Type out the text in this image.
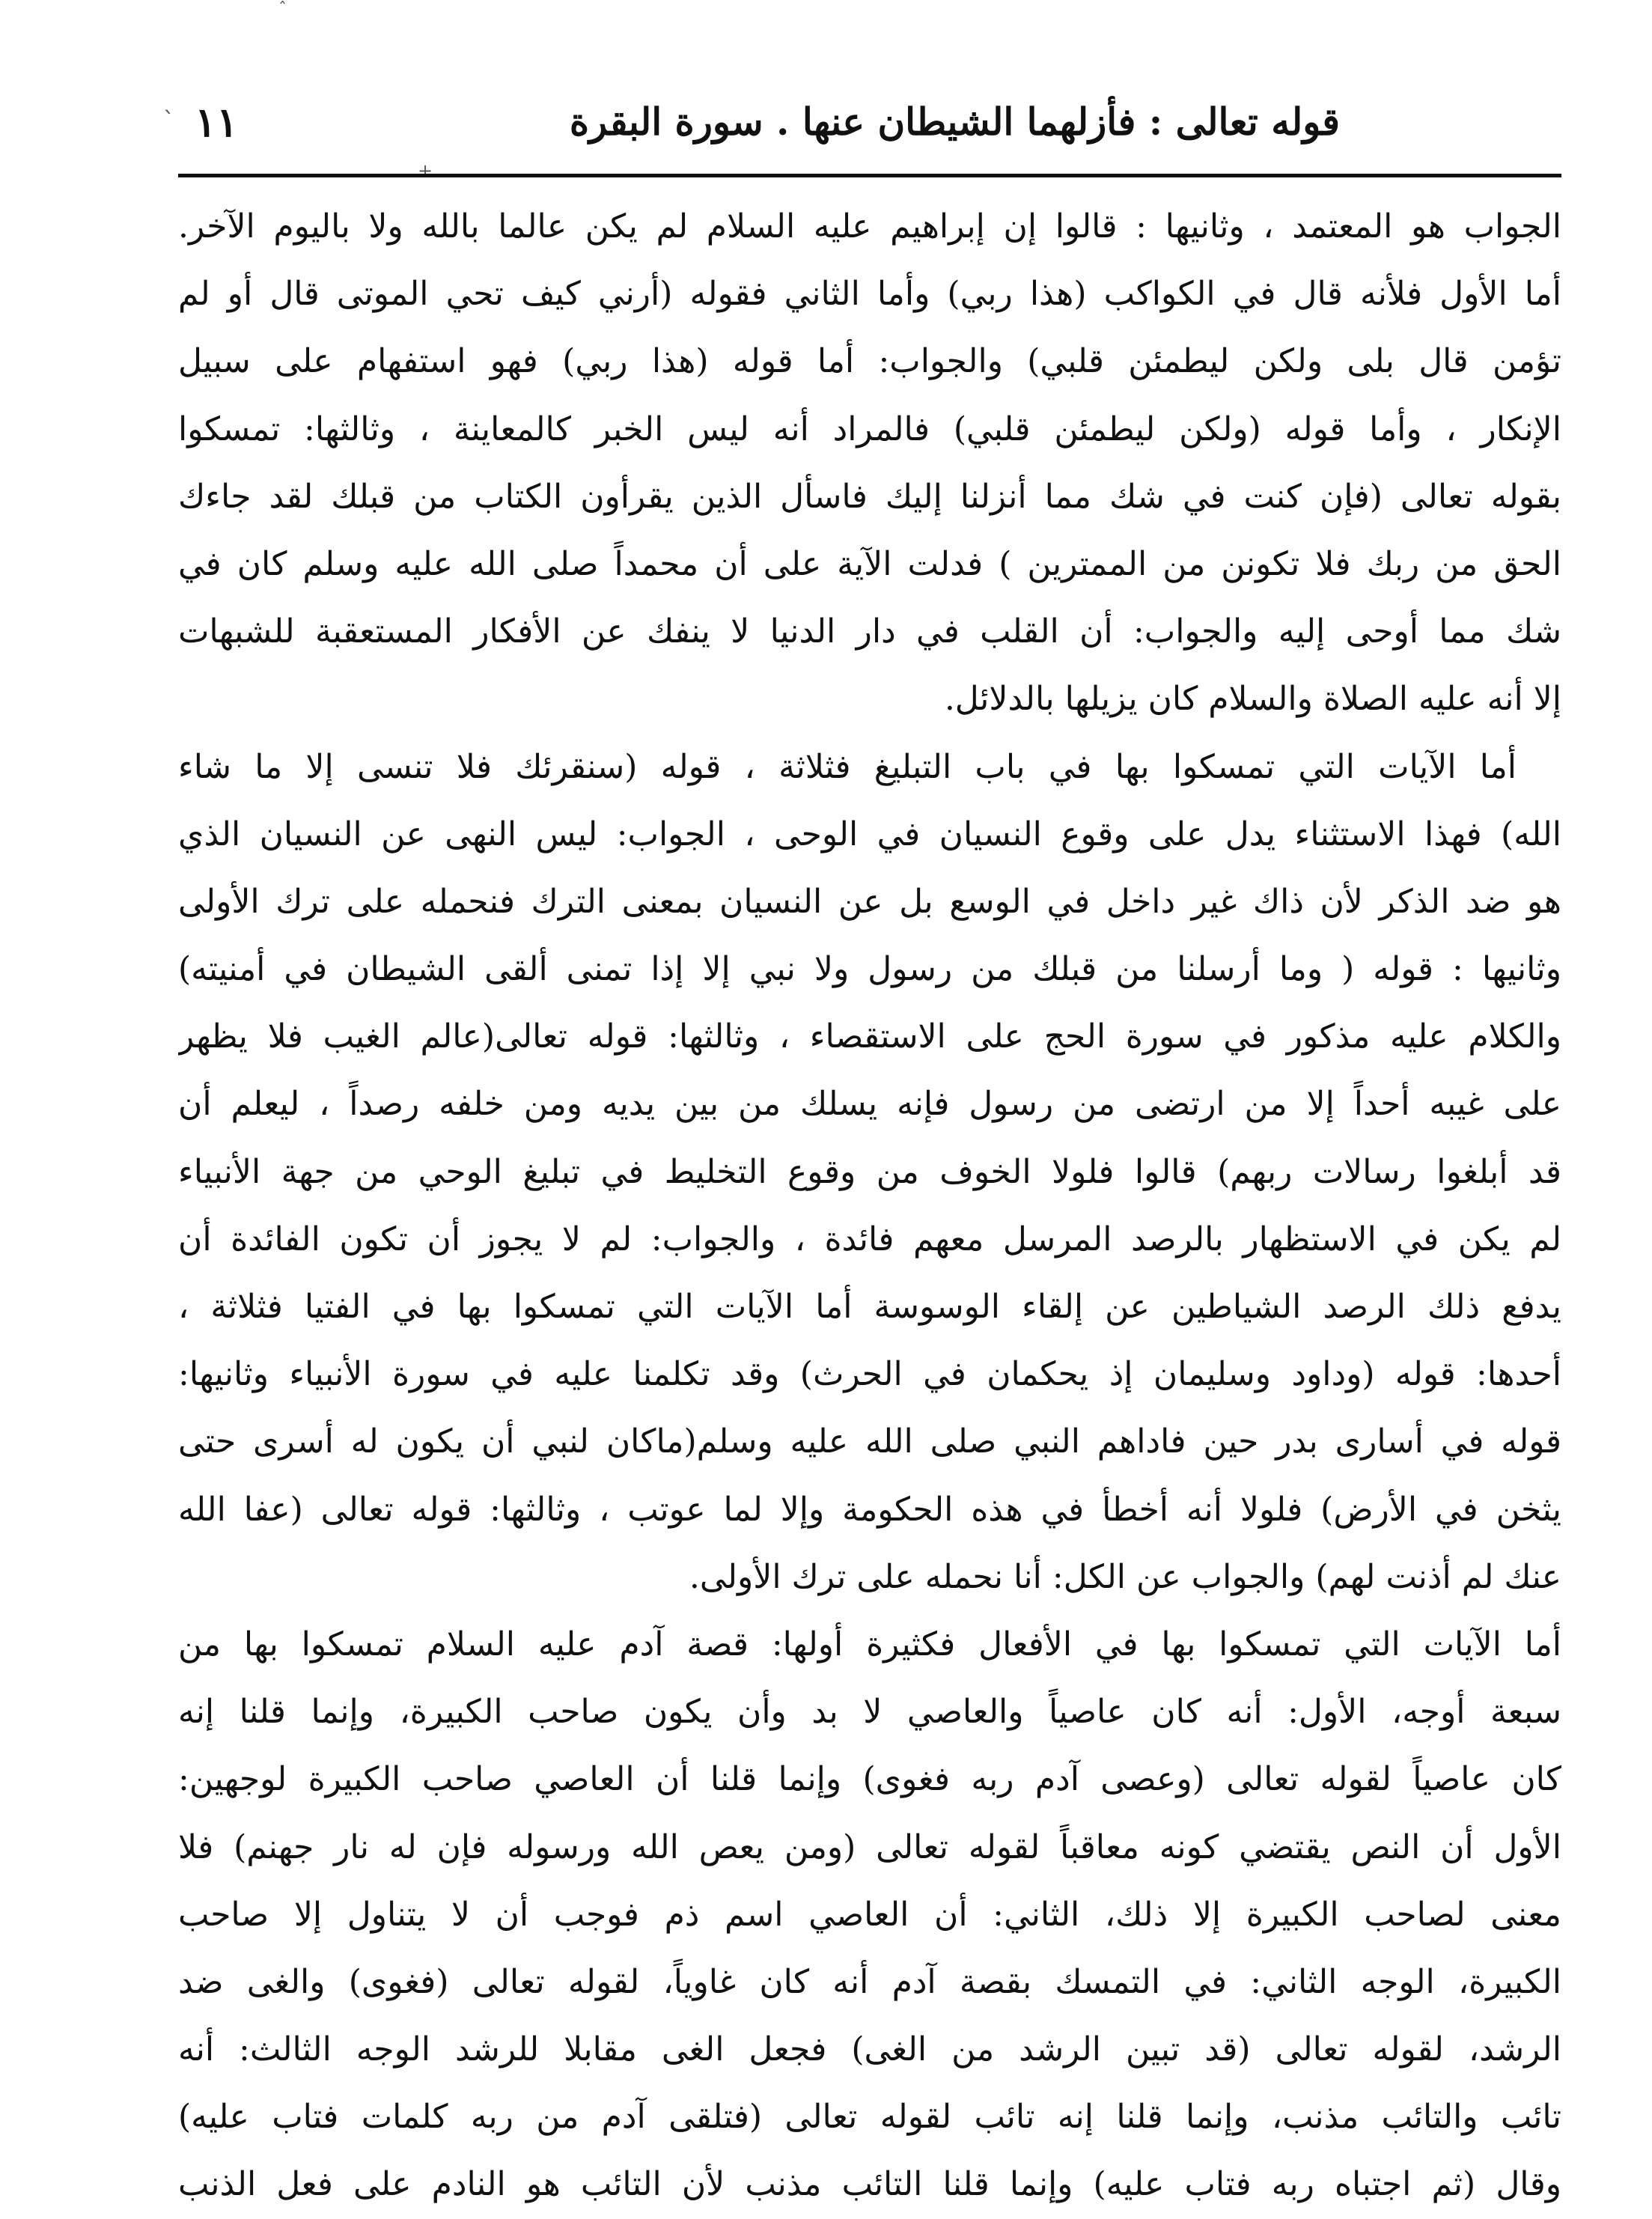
ˆ
ˎ
+
قوله تعالى : فأزلهما الشيطان عنها . سورة البقرة
١١
الجواب هو المعتمد ، وثانيها : قالوا إن إبراهيم عليه السلام لم يكن عالما بالله ولا باليوم الآخر.
أما الأول فلأنه قال في الكواكب (هذا ربي) وأما الثاني فقوله (أرني كيف تحي الموتى قال أو لم
تؤمن قال بلى ولكن ليطمئن قلبي) والجواب: أما قوله (هذا ربي) فهو استفهام على سبيل
الإنكار ، وأما قوله (ولكن ليطمئن قلبي) فالمراد أنه ليس الخبر كالمعاينة ، وثالثها: تمسكوا
بقوله تعالى (فإن كنت في شك مما أنزلنا إليك فاسأل الذين يقرأون الكتاب من قبلك لقد جاءك
الحق من ربك فلا تكونن من الممترين ) فدلت الآية على أن محمداً صلى الله عليه وسلم كان في
شك مما أوحى إليه والجواب: أن القلب في دار الدنيا لا ينفك عن الأفكار المستعقبة للشبهات
إلا أنه عليه الصلاة والسلام كان يزيلها بالدلائل.
أما الآيات التي تمسكوا بها في باب التبليغ فثلاثة ، قوله (سنقرئك فلا تنسى إلا ما شاء
الله) فهذا الاستثناء يدل على وقوع النسيان في الوحى ، الجواب: ليس النهى عن النسيان الذي
هو ضد الذكر لأن ذاك غير داخل في الوسع بل عن النسيان بمعنى الترك فنحمله على ترك الأولى
وثانيها : قوله ( وما أرسلنا من قبلك من رسول ولا نبي إلا إذا تمنى ألقى الشيطان في أمنيته)
والكلام عليه مذكور في سورة الحج على الاستقصاء ، وثالثها: قوله تعالى(عالم الغيب فلا يظهر
على غيبه أحداً إلا من ارتضى من رسول فإنه يسلك من بين يديه ومن خلفه رصداً ، ليعلم أن
قد أبلغوا رسالات ربهم) قالوا فلولا الخوف من وقوع التخليط في تبليغ الوحي من جهة الأنبياء
لم يكن في الاستظهار بالرصد المرسل معهم فائدة ، والجواب: لم لا يجوز أن تكون الفائدة أن
يدفع ذلك الرصد الشياطين عن إلقاء الوسوسة أما الآيات التي تمسكوا بها في الفتيا فثلاثة ،
أحدها: قوله (وداود وسليمان إذ يحكمان في الحرث) وقد تكلمنا عليه في سورة الأنبياء وثانيها:
قوله في أسارى بدر حين فاداهم النبي صلى الله عليه وسلم(ماكان لنبي أن يكون له أسرى حتى
يثخن في الأرض) فلولا أنه أخطأ في هذه الحكومة وإلا لما عوتب ، وثالثها: قوله تعالى (عفا الله
عنك لم أذنت لهم) والجواب عن الكل: أنا نحمله على ترك الأولى.
أما الآيات التي تمسكوا بها في الأفعال فكثيرة أولها: قصة آدم عليه السلام تمسكوا بها من
سبعة أوجه، الأول: أنه كان عاصياً والعاصي لا بد وأن يكون صاحب الكبيرة، وإنما قلنا إنه
كان عاصياً لقوله تعالى (وعصى آدم ربه فغوى) وإنما قلنا أن العاصي صاحب الكبيرة لوجهين:
الأول أن النص يقتضي كونه معاقباً لقوله تعالى (ومن يعص الله ورسوله فإن له نار جهنم) فلا
معنى لصاحب الكبيرة إلا ذلك، الثاني: أن العاصي اسم ذم فوجب أن لا يتناول إلا صاحب
الكبيرة، الوجه الثاني: في التمسك بقصة آدم أنه كان غاوياً، لقوله تعالى (فغوى) والغى ضد
الرشد، لقوله تعالى (قد تبين الرشد من الغى) فجعل الغى مقابلا للرشد الوجه الثالث: أنه
تائب والتائب مذنب، وإنما قلنا إنه تائب لقوله تعالى (فتلقى آدم من ربه كلمات فتاب عليه)
وقال (ثم اجتباه ربه فتاب عليه) وإنما قلنا التائب مذنب لأن التائب هو النادم على فعل الذنب
